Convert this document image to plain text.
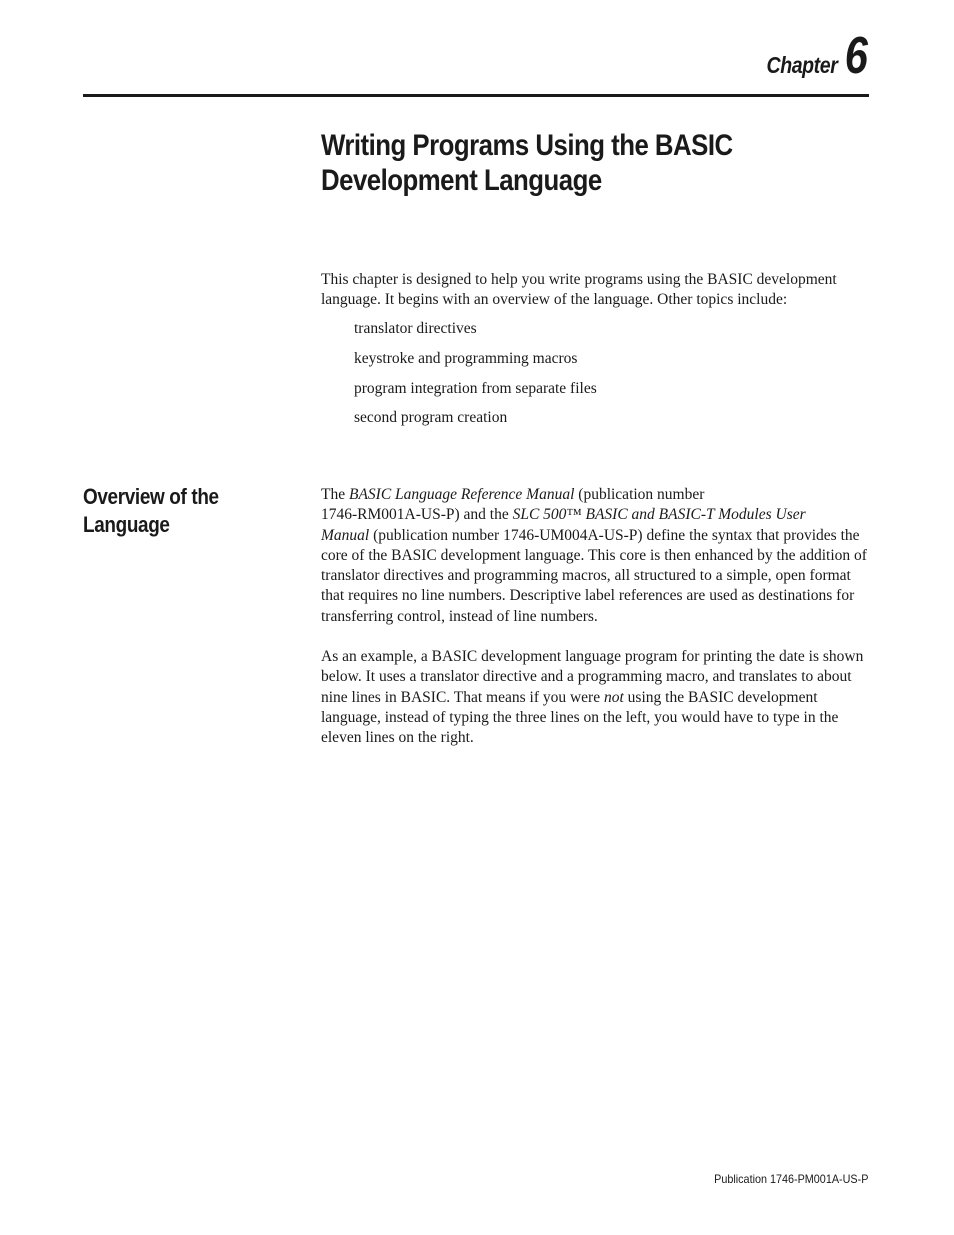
Chapter 6
Writing Programs Using the BASIC Development Language

This chapter is designed to help you write programs using the BASIC development language. It begins with an overview of the language. Other topics include:

translator directives
keystroke and programming macros
program integration from separate files
second program creation
Overview of the Language

The BASIC Language Reference Manual (publication number
1746-RM001A-US-P) and the SLC 500™ BASIC and BASIC-T Modules User
Manual (publication number 1746-UM004A-US-P) define the syntax that provides the core of the BASIC development language. This core is then enhanced by the addition of translator directives and programming macros, all structured to a simple, open format that requires no line numbers. Descriptive label references are used as destinations for transferring control, instead of line numbers.

As an example, a BASIC development language program for printing the date is shown below. It uses a translator directive and a programming macro, and translates to about nine lines in BASIC. That means if you were not using the BASIC development language, instead of typing the three lines on the left, you would have to type in the eleven lines on the right.

Publication 1746-PM001A-US-P
